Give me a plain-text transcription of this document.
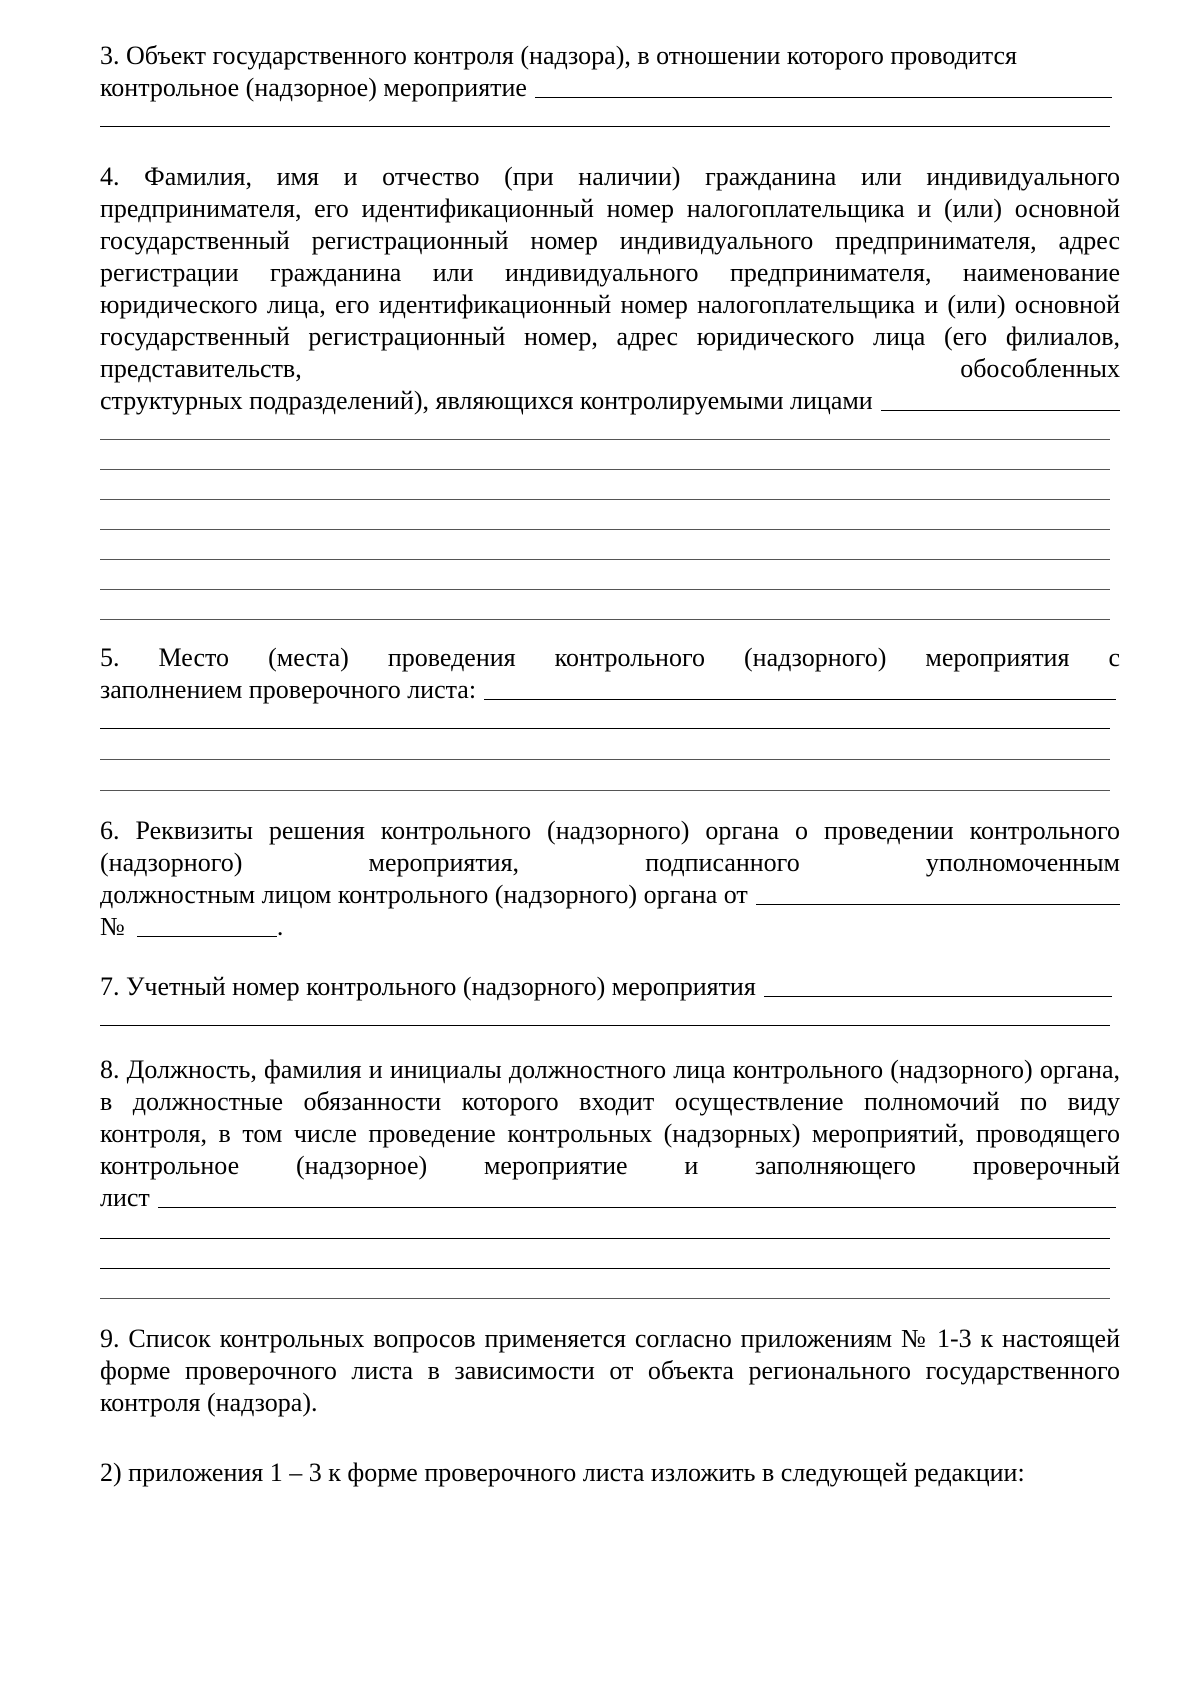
3. Объект государственного контроля (надзора), в отношении которого проводится

контрольное (надзорное) мероприятие

4. Фамилия, имя и отчество (при наличии) гражданина или индивидуального предпринимателя, его идентификационный номер налогоплательщика и (или) основной государственный регистрационный номер индивидуального предпринимателя, адрес регистрации гражданина или индивидуального предпринимателя, наименование юридического лица, его идентификационный номер налогоплательщика и (или) основной государственный регистрационный номер, адрес юридического лица (его филиалов, представительств, обособленных

структурных подразделений), являющихся контролируемыми лицами

5. Место (места) проведения контрольного (надзорного) мероприятия с

заполнением проверочного листа:

6. Реквизиты решения контрольного (надзорного) органа о проведении контрольного (надзорного) мероприятия, подписанного уполномоченным

должностным лицом контрольного (надзорного) органа от
№	.
7. Учетный номер контрольного (надзорного) мероприятия

8. Должность, фамилия и инициалы должностного лица контрольного (надзорного) органа, в должностные обязанности которого входит осуществление полномочий по виду контроля, в том числе проведение контрольных (надзорных) мероприятий, проводящего контрольное (надзорное) мероприятие и заполняющего проверочный

лист

9. Список контрольных вопросов применяется согласно приложениям № 1-3 к настоящей форме проверочного листа в зависимости от объекта регионального государственного контроля (надзора).

2) приложения 1 – 3 к форме проверочного листа изложить в следующей редакции:
